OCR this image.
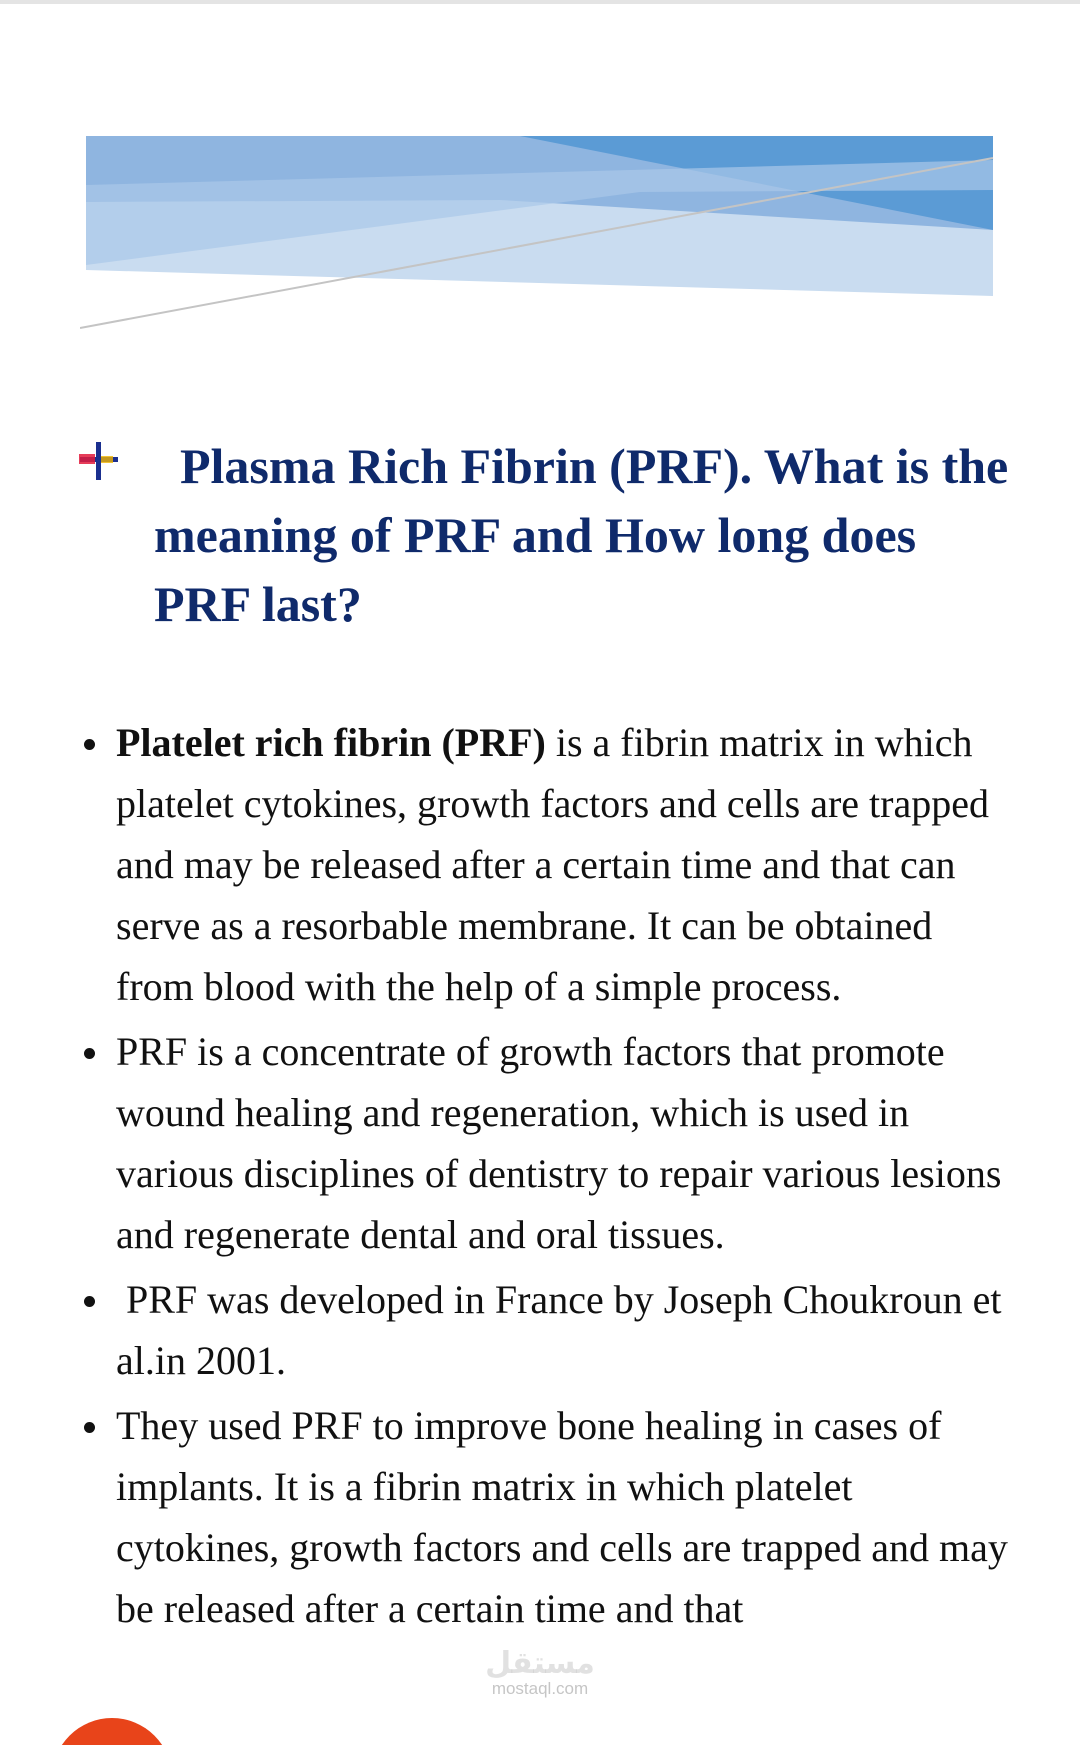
Plasma Rich Fibrin (PRF). What is the meaning of PRF and How long does PRF last?
Platelet rich fibrin (PRF) is a fibrin matrix in which platelet cytokines, growth factors and cells are trapped and may be released after a certain time and that can serve as a resorbable membrane. It can be obtained from blood with the help of a simple process.
PRF is a concentrate of growth factors that promote wound healing and regeneration, which is used in various disciplines of dentistry to repair various lesions and regenerate dental and oral tissues.
PRF was developed in France by Joseph Choukroun et al.in 2001.
They used PRF to improve bone healing in cases of implants. It is a fibrin matrix in which platelet cytokines, growth factors and cells are trapped and may be released after a certain time and that
مستقل
mostaql.com
